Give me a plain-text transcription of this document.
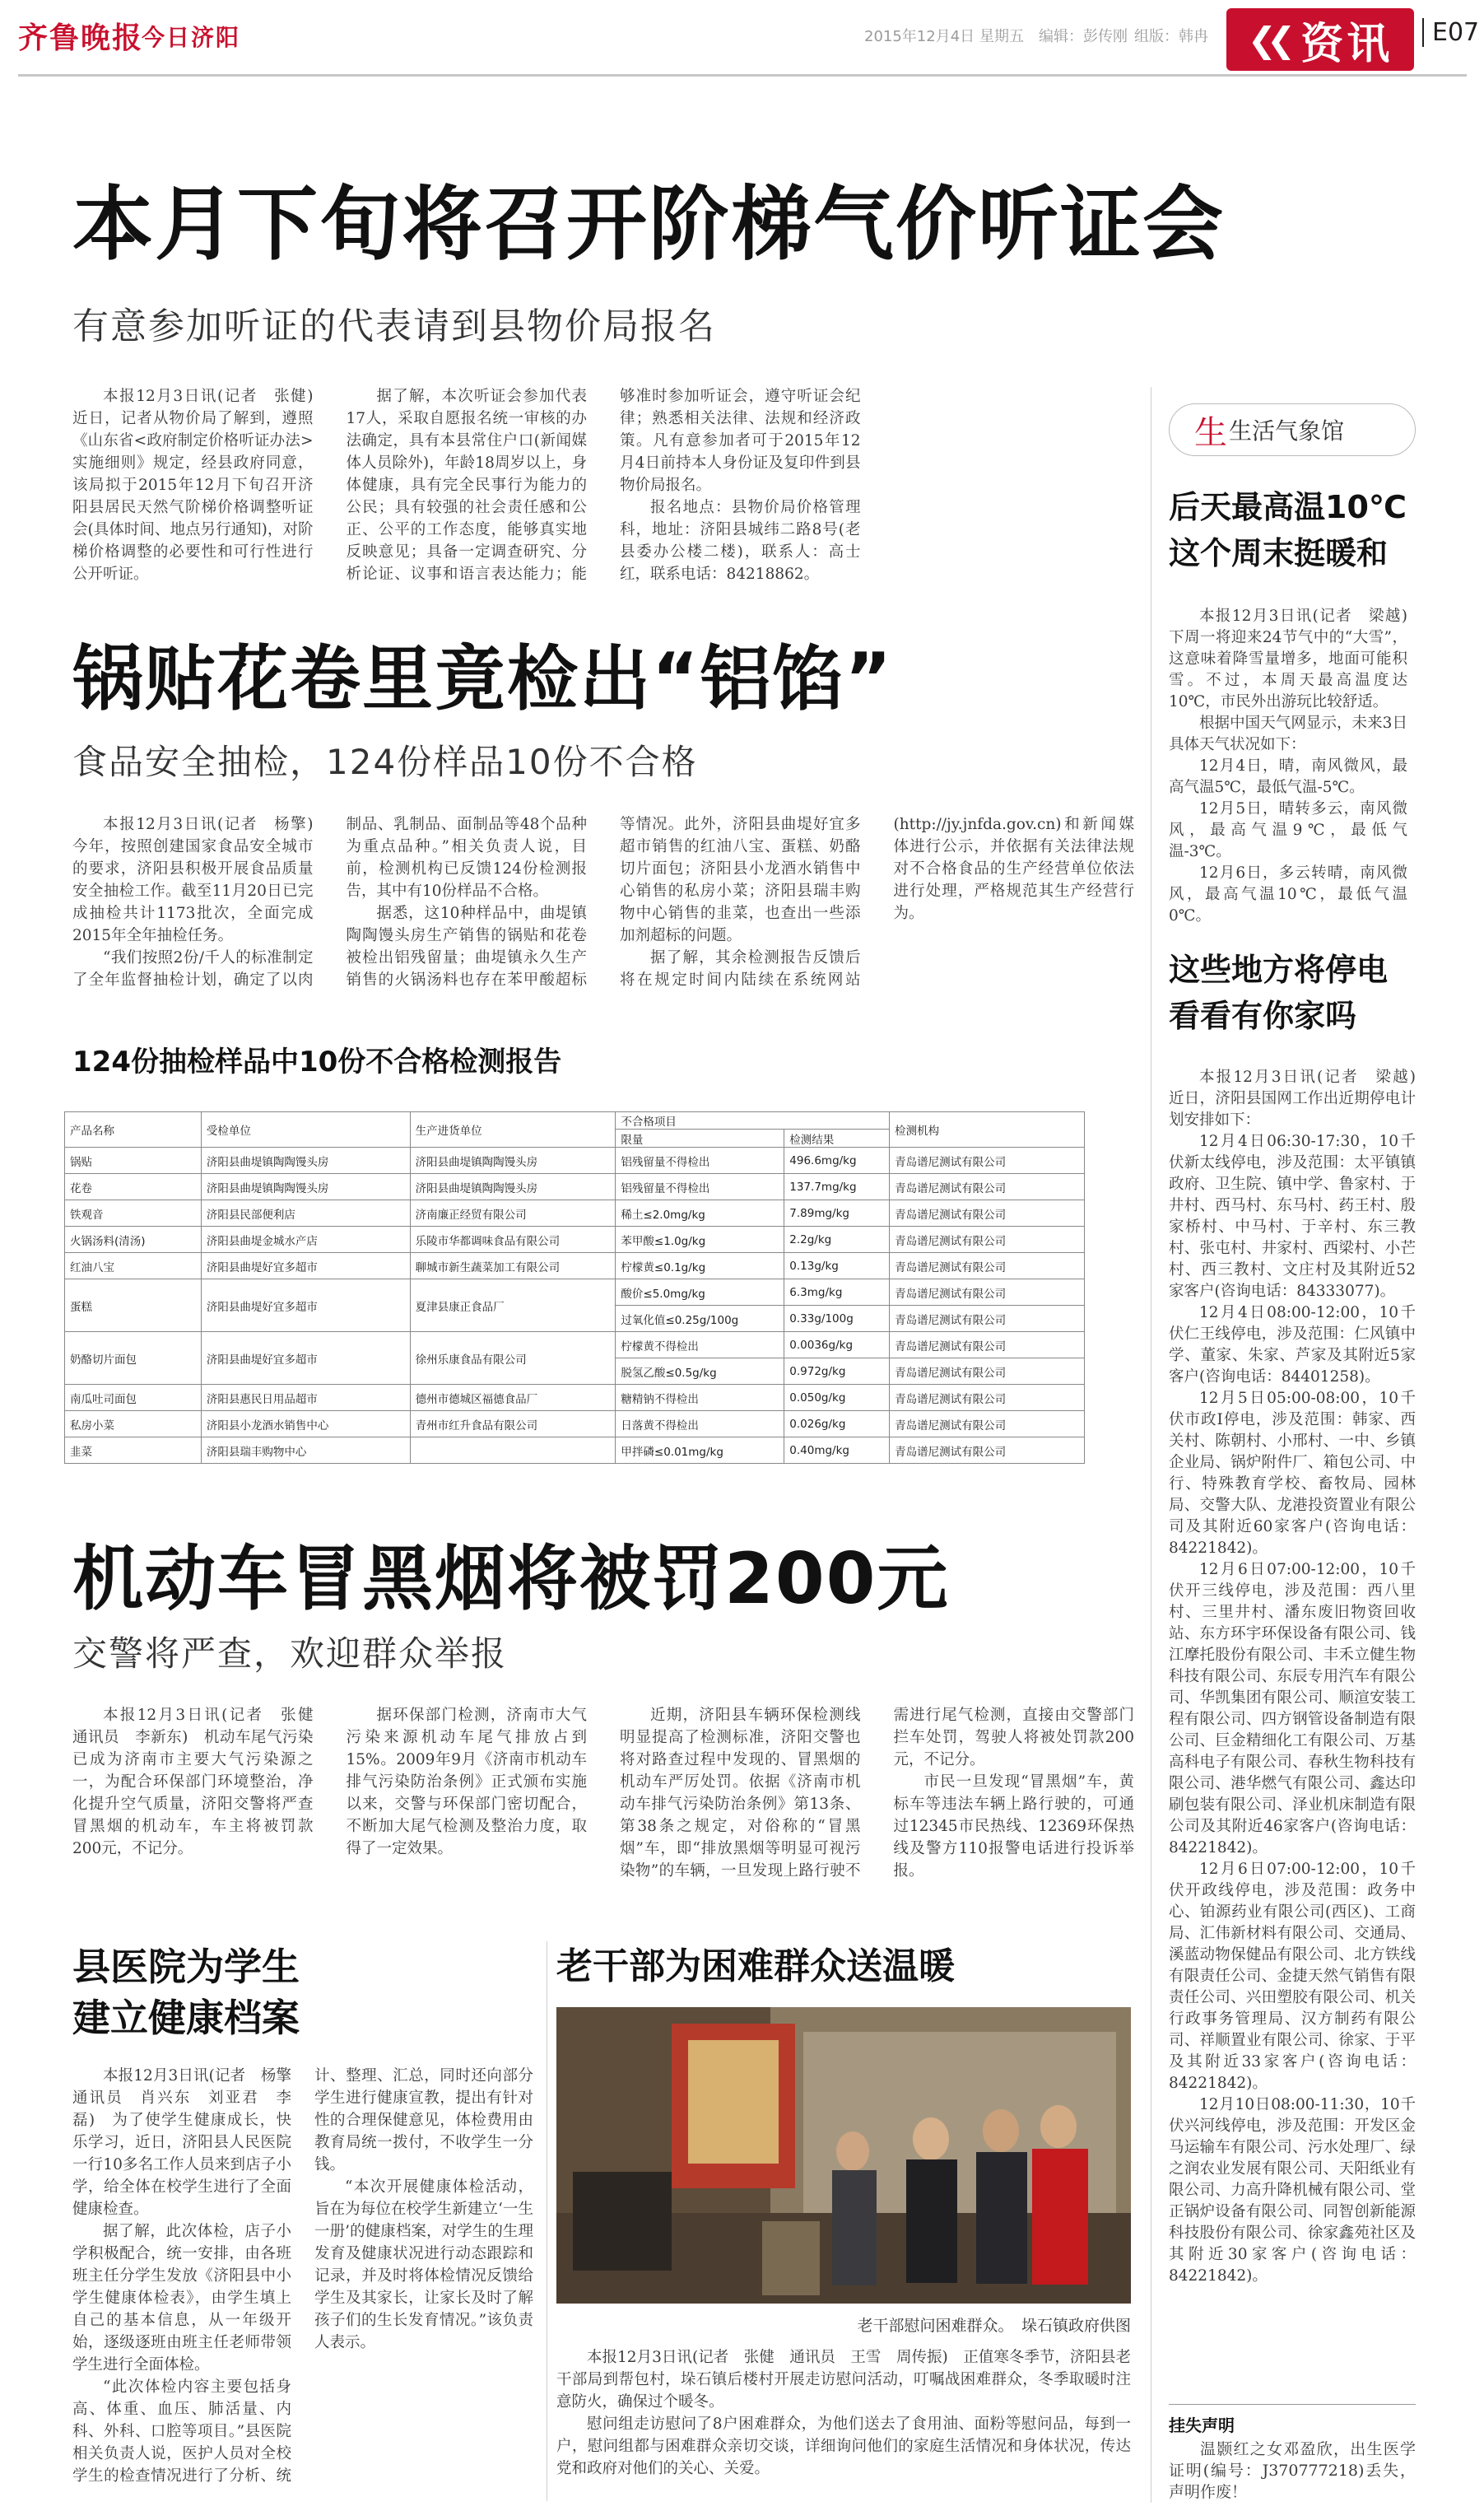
齐鲁晚报
今日济阳	2015年12月4日 星期五 编辑：彭传刚 组版：韩冉 ❮❮ 资讯	E07
本月下旬将召开阶梯气价听证会
有意参加听证的代表请到县物价局报名

本报12月3日讯(记者　张健)　近日，记者从物价局了解到，遵照《山东省<政府制定价格听证办法>实施细则》规定，经县政府同意，该局拟于2015年12月下旬召开济阳县居民天然气阶梯价格调整听证会(具体时间、地点另行通知)，对阶梯价格调整的必要性和可行性进行公开听证。

据了解，本次听证会参加代表17人，采取自愿报名统一审核的办法确定，具有本县常住户口(新闻媒体人员除外)，年龄18周岁以上，身体健康，具有完全民事行为能力的公民；具有较强的社会责任感和公正、公平的工作态度，能够真实地反映意见；具备一定调查研究、分析论证、议事和语言表达能力；能够准时参加听证会，遵守听证会纪律；熟悉相关法律、法规和经济政策。凡有意参加者可于2015年12月4日前持本人身份证及复印件到县物价局报名。

报名地点：县物价局价格管理科，地址：济阳县城纬二路8号(老县委办公楼二楼)，联系人：高士红，联系电话：84218862。

锅贴花卷里竟检出“铝馅”
食品安全抽检，124份样品10份不合格

本报12月3日讯(记者　杨擎)　今年，按照创建国家食品安全城市的要求，济阳县积极开展食品质量安全抽检工作。截至11月20日已完成抽检共计1173批次，全面完成2015年全年抽检任务。

“我们按照2份/千人的标准制定了全年监督抽检计划，确定了以肉制品、乳制品、面制品等48个品种为重点品种。”相关负责人说，目前，检测机构已反馈124份检测报告，其中有10份样品不合格。

据悉，这10种样品中，曲堤镇陶陶馒头房生产销售的锅贴和花卷被检出铝残留量；曲堤镇永久生产销售的火锅汤料也存在苯甲酸超标等情况。此外，济阳县曲堤好宜多超市销售的红油八宝、蛋糕、奶酪切片面包；济阳县小龙酒水销售中心销售的私房小菜；济阳县瑞丰购物中心销售的韭菜，也查出一些添加剂超标的问题。

据了解，其余检测报告反馈后将在规定时间内陆续在系统网站(http://jy.jnfda.gov.cn)和新闻媒体进行公示，并依据有关法律法规对不合格食品的生产经营单位依法进行处理，严格规范其生产经营行为。

124份抽检样品中10份不合格检测报告
产品名称	受检单位	生产进货单位	不合格项目		检测机构
			限量	检测结果	
锅贴	济阳县曲堤镇陶陶馒头房	济阳县曲堤镇陶陶馒头房	铝残留量不得检出	496.6mg/kg	青岛谱尼测试有限公司
花卷	济阳县曲堤镇陶陶馒头房	济阳县曲堤镇陶陶馒头房	铝残留量不得检出	137.7mg/kg	青岛谱尼测试有限公司
铁观音	济阳县民部便利店	济南廉正经贸有限公司	稀土≤2.0mg/kg	7.89mg/kg	青岛谱尼测试有限公司
火锅汤料(清汤)	济阳县曲堤金城水产店	乐陵市华都调味食品有限公司	苯甲酸≤1.0g/kg	2.2g/kg	青岛谱尼测试有限公司
红油八宝	济阳县曲堤好宜多超市	聊城市新生蔬菜加工有限公司	柠檬黄≤0.1g/kg	0.13g/kg	青岛谱尼测试有限公司
蛋糕	济阳县曲堤好宜多超市	夏津县康正食品厂	酸价≤5.0mg/kg	6.3mg/kg	青岛谱尼测试有限公司
			过氧化值≤0.25g/100g	0.33g/100g	青岛谱尼测试有限公司
奶酪切片面包	济阳县曲堤好宜多超市	徐州乐康食品有限公司	柠檬黄不得检出	0.0036g/kg	青岛谱尼测试有限公司
			脱氢乙酸≤0.5g/kg	0.972g/kg	青岛谱尼测试有限公司
南瓜吐司面包	济阳县惠民日用品超市	德州市德城区福德食品厂	糖精钠不得检出	0.050g/kg	青岛谱尼测试有限公司
私房小菜	济阳县小龙酒水销售中心	青州市红升食品有限公司	日落黄不得检出	0.026g/kg	青岛谱尼测试有限公司
韭菜	济阳县瑞丰购物中心		甲拌磷≤0.01mg/kg	0.40mg/kg	青岛谱尼测试有限公司
机动车冒黑烟将被罚200元
交警将严查，欢迎群众举报

本报12月3日讯(记者　张健　通讯员　李新东)　机动车尾气污染已成为济南市主要大气污染源之一，为配合环保部门环境整治，净化提升空气质量，济阳交警将严查冒黑烟的机动车，车主将被罚款200元，不记分。

据环保部门检测，济南市大气污染来源机动车尾气排放占到15%。2009年9月《济南市机动车排气污染防治条例》正式颁布实施以来，交警与环保部门密切配合，不断加大尾气检测及整治力度，取得了一定效果。

近期，济阳县车辆环保检测线明显提高了检测标准，济阳交警也将对路查过程中发现的、冒黑烟的机动车严厉处罚。依据《济南市机动车排气污染防治条例》第13条、第38条之规定，对俗称的“冒黑烟”车，即“排放黑烟等明显可视污染物”的车辆，一旦发现上路行驶不需进行尾气检测，直接由交警部门拦车处罚，驾驶人将被处罚款200元，不记分。

市民一旦发现“冒黑烟”车，黄标车等违法车辆上路行驶的，可通过12345市民热线、12369环保热线及警方110报警电话进行投诉举报。

县医院为学生
建立健康档案

本报12月3日讯(记者　杨擎　通讯员　肖兴东　刘亚君　李磊)　为了使学生健康成长，快乐学习，近日，济阳县人民医院一行10多名工作人员来到店子小学，给全体在校学生进行了全面健康检查。

据了解，此次体检，店子小学积极配合，统一安排，由各班班主任分学生发放《济阳县中小学生健康体检表》，由学生填上自己的基本信息，从一年级开始，逐级逐班由班主任老师带领学生进行全面体检。

“此次体检内容主要包括身高、体重、血压、肺活量、内科、外科、口腔等项目。”县医院相关负责人说，医护人员对全校学生的检查情况进行了分析、统计、整理、汇总，同时还向部分学生进行健康宣教，提出有针对性的合理保健意见，体检费用由教育局统一拨付，不收学生一分钱。

“本次开展健康体检活动，旨在为每位在校学生新建立‘一生一册’的健康档案，对学生的生理发育及健康状况进行动态跟踪和记录，并及时将体检情况反馈给学生及其家长，让家长及时了解孩子们的生长发育情况。”该负责人表示。

老干部为困难群众送温暖
老干部慰问困难群众。　垛石镇政府供图

本报12月3日讯(记者　张健　通讯员　王雪　周传振)　正值寒冬季节，济阳县老干部局到帮包村，垛石镇后楼村开展走访慰问活动，叮嘱战困难群众，冬季取暖时注意防火，确保过个暖冬。

慰问组走访慰问了8户困难群众，为他们送去了食用油、面粉等慰问品，每到一户，慰问组都与困难群众亲切交谈，详细询问他们的家庭生活情况和身体状况，传达党和政府对他们的关心、关爱。

生 生活气象馆
后天最高温10℃
这个周末挺暖和

本报12月3日讯(记者　梁越)　下周一将迎来24节气中的“大雪”，这意味着降雪量增多，地面可能积雪。不过，本周天最高温度达10℃，市民外出游玩比较舒适。

根据中国天气网显示，未来3日具体天气状况如下：

12月4日，晴，南风微风，最高气温5℃，最低气温-5℃。

12月5日，晴转多云，南风微风，最高气温9℃，最低气温-3℃。

12月6日，多云转晴，南风微风，最高气温10℃，最低气温0℃。

这些地方将停电
看看有你家吗

本报12月3日讯(记者　梁越)　近日，济阳县国网工作出近期停电计划安排如下：

12月4日06:30-17:30，10千伏新太线停电，涉及范围：太平镇镇政府、卫生院、镇中学、鲁家村、于井村、西马村、东马村、药王村、殷家桥村、中马村、于辛村、东三教村、张屯村、井家村、西梁村、小芒村、西三教村、文庄村及其附近52家客户(咨询电话：84333077)。

12月4日08:00-12:00，10千伏仁王线停电，涉及范围：仁风镇中学、董家、朱家、芦家及其附近5家客户(咨询电话：84401258)。

12月5日05:00-08:00，10千伏市政Ⅰ停电，涉及范围：韩家、西关村、陈朝村、小邢村、一中、乡镇企业局、锅炉附件厂、箱包公司、中行、特殊教育学校、畜牧局、园林局、交警大队、龙港投资置业有限公司及其附近60家客户(咨询电话：84221842)。

12月6日07:00-12:00，10千伏开三线停电，涉及范围：西八里村、三里井村、潘东废旧物资回收站、东方环宇环保设备有限公司、钱江摩托股份有限公司、丰禾立健生物科技有限公司、东辰专用汽车有限公司、华凯集团有限公司、顺渲安装工程有限公司、四方钢管设备制造有限公司、巨金精细化工有限公司、万基高科电子有限公司、春秋生物科技有限公司、港华燃气有限公司、鑫达印刷包装有限公司、泽业机床制造有限公司及其附近46家客户(咨询电话：84221842)。

12月6日07:00-12:00，10千伏开政线停电，涉及范围：政务中心、铂源药业有限公司(西区)、工商局、汇伟新材料有限公司、交通局、溪蓝动物保健品有限公司、北方铁线有限责任公司、金捷天然气销售有限责任公司、兴田塑胶有限公司、机关行政事务管理局、汉方制药有限公司、祥顺置业有限公司、徐家、于平及其附近33家客户(咨询电话：84221842)。

12月10日08:00-11:30，10千伏兴河线停电，涉及范围：开发区金马运输车有限公司、污水处理厂、绿之润农业发展有限公司、天阳纸业有限公司、力高升降机械有限公司、堂正锅炉设备有限公司、同智创新能源科技股份有限公司、徐家鑫苑社区及其附近30家客户(咨询电话：84221842)。

挂失声明

温颢红之女邓盈欣，出生医学证明(编号：J370777218)丢失，声明作废！
